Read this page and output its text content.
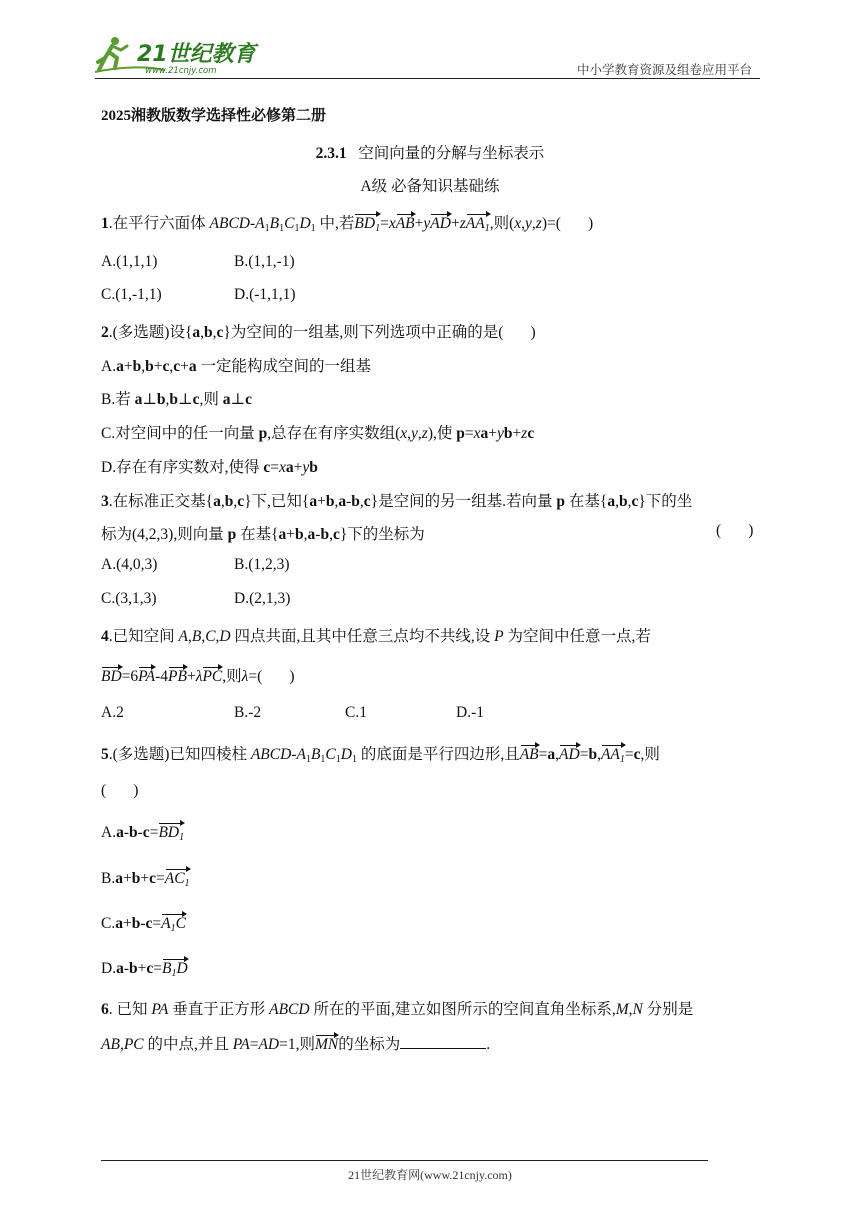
21世纪教育
www.21cnjy.com	中小学教育资源及组卷应用平台
2025湘教版数学选择性必修第二册
2.3.1 空间向量的分解与坐标表示
A级 必备知识基础练
1.在平行六面体 ABCD-$A_1B_1C_1D_1$ 中,若$BD_1=xAB+yAD+zAA_1$,则(x,y,z)=(       )
A.(1,1,1)	B.(1,1,-1)
C.(1,-1,1)	D.(-1,1,1)
2.(多选题)设{a,b,c}为空间的一组基,则下列选项中正确的是(       )
A.a+b,b+c,c+a 一定能构成空间的一组基
B.若 a⊥b,b⊥c,则 a⊥c
C.对空间中的任一向量 p,总存在有序实数组(x,y,z),使 p=xa+yb+zc
D.存在有序实数对,使得 c=xa+yb
3.在标准正交基{a,b,c}下,已知{a+b,a-b,c}是空间的另一组基.若向量 p 在基{a,b,c}下的坐
标为(4,2,3),则向量 p 在基{a+b,a-b,c}下的坐标为	(       )
A.(4,0,3)	B.(1,2,3)
C.(3,1,3)	D.(2,1,3)
4.已知空间 A,B,C,D 四点共面,且其中任意三点均不共线,设 P 为空间中任意一点,若
BD=6PA-4PB+λPC,则λ=(       )
A.2	B.-2	C.1	D.-1
5.(多选题)已知四棱柱 ABCD-$A_1B_1C_1D_1$ 的底面是平行四边形,且$AB=a,AD=b,AA_1=c$,则
(       )
$A.a-b-c=BD_1$
$B.a+b+c=AC_1$
$C.a+b-c=A_1C$
$D.a-b+c=B_1D$
6. 已知 PA 垂直于正方形 ABCD 所在的平面,建立如图所示的空间直角坐标系,M,N 分别是
AB,PC 的中点,并且 PA=AD=1,则MN的坐标为	.
21世纪教育网(www.21cnjy.com)
